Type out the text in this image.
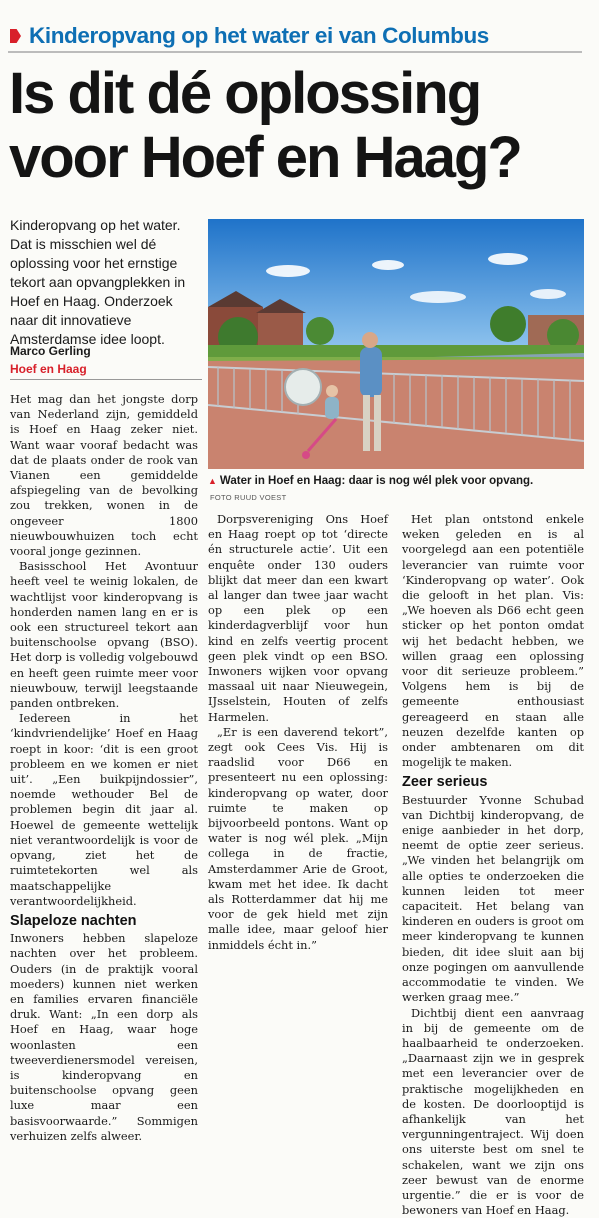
Kinderopvang op het water ei van Columbus
Is dit dé oplossing
voor Hoef en Haag?

Kinderopvang op het water. Dat is misschien wel dé oplossing voor het ernstige tekort aan opvangplekken in Hoef en Haag. Onderzoek naar dit innovatieve Amsterdamse idee loopt.

Marco Gerling
Hoef en Haag
▲ Water in Hoef en Haag: daar is nog wél plek voor opvang.
FOTO RUUD VOEST

Het mag dan het jongste dorp van Nederland zijn, gemiddeld is Hoef en Haag zeker niet. Want waar vooraf bedacht was dat de plaats onder de rook van Vianen een gemiddelde afspiegeling van de bevolking zou trekken, wonen in de ongeveer 1800 nieuwbouwhuizen toch echt vooral jonge gezinnen.

Basisschool Het Avontuur heeft veel te weinig lokalen, de wachtlijst voor kinderopvang is honderden namen lang en er is ook een structureel tekort aan buitenschoolse opvang (BSO). Het dorp is volledig volgebouwd en heeft geen ruimte meer voor nieuwbouw, terwijl leegstaande panden ontbreken.

Iedereen in het ‘kindvriendelijke’ Hoef en Haag roept in koor: ‘dit is een groot probleem en we komen er niet uit’. „Een buikpijndossier”, noemde wethouder Bel de problemen begin dit jaar al. Hoewel de gemeente wettelijk niet verantwoordelijk is voor de opvang, ziet het de ruimtetekorten wel als maatschappelijke verantwoordelijkheid.

Slapeloze nachten

Inwoners hebben slapeloze nachten over het probleem. Ouders (in de praktijk vooral moeders) kunnen niet werken en families ervaren financiële druk. Want: „In een dorp als Hoef en Haag, waar hoge woonlasten een tweeverdienersmodel vereisen, is kinderopvang en buitenschoolse opvang geen luxe maar een basisvoorwaarde.” Sommigen verhuizen zelfs alweer.

Dorpsvereniging Ons Hoef en Haag roept op tot ‘directe én structurele actie’. Uit een enquête onder 130 ouders blijkt dat meer dan een kwart al langer dan twee jaar wacht op een plek op een kinderdagverblijf voor hun kind en zelfs veertig procent geen plek vindt op een BSO. Inwoners wijken voor opvang massaal uit naar Nieuwegein, IJsselstein, Houten of zelfs Harmelen.

„Er is een daverend tekort”, zegt ook Cees Vis. Hij is raadslid voor D66 en presenteert nu een oplossing: kinderopvang op water, door ruimte te maken op bijvoorbeeld pontons. Want op water is nog wél plek. „Mijn collega in de fractie, Amsterdammer Arie de Groot, kwam met het idee. Ik dacht als Rotterdammer dat hij me voor de gek hield met zijn malle idee, maar geloof hier inmiddels écht in.”

Het plan ontstond enkele weken geleden en is al voorgelegd aan een potentiële leverancier van ruimte voor ‘Kinderopvang op water’. Ook die gelooft in het plan. Vis: „We hoeven als D66 echt geen sticker op het ponton omdat wij het bedacht hebben, we willen graag een oplossing voor dit serieuze probleem.” Volgens hem is bij de gemeente enthousiast gereageerd en staan alle neuzen dezelfde kanten op onder ambtenaren om dit mogelijk te maken.

Zeer serieus

Bestuurder Yvonne Schubad van Dichtbij kinderopvang, de enige aanbieder in het dorp, neemt de optie zeer serieus. „We vinden het belangrijk om alle opties te onderzoeken die kunnen leiden tot meer capaciteit. Het belang van kinderen en ouders is groot om meer kinderopvang te kunnen bieden, dit idee sluit aan bij onze pogingen om aanvullende accommodatie te vinden. We werken graag mee.”

Dichtbij dient een aanvraag in bij de gemeente om de haalbaarheid te onderzoeken. „Daarnaast zijn we in gesprek met een leverancier over de praktische mogelijkheden en de kosten. De doorlooptijd is afhankelijk van het vergunningentraject. Wij doen ons uiterste best om snel te schakelen, want we zijn ons zeer bewust van de enorme urgentie.” die er is voor de bewoners van Hoef en Haag.
